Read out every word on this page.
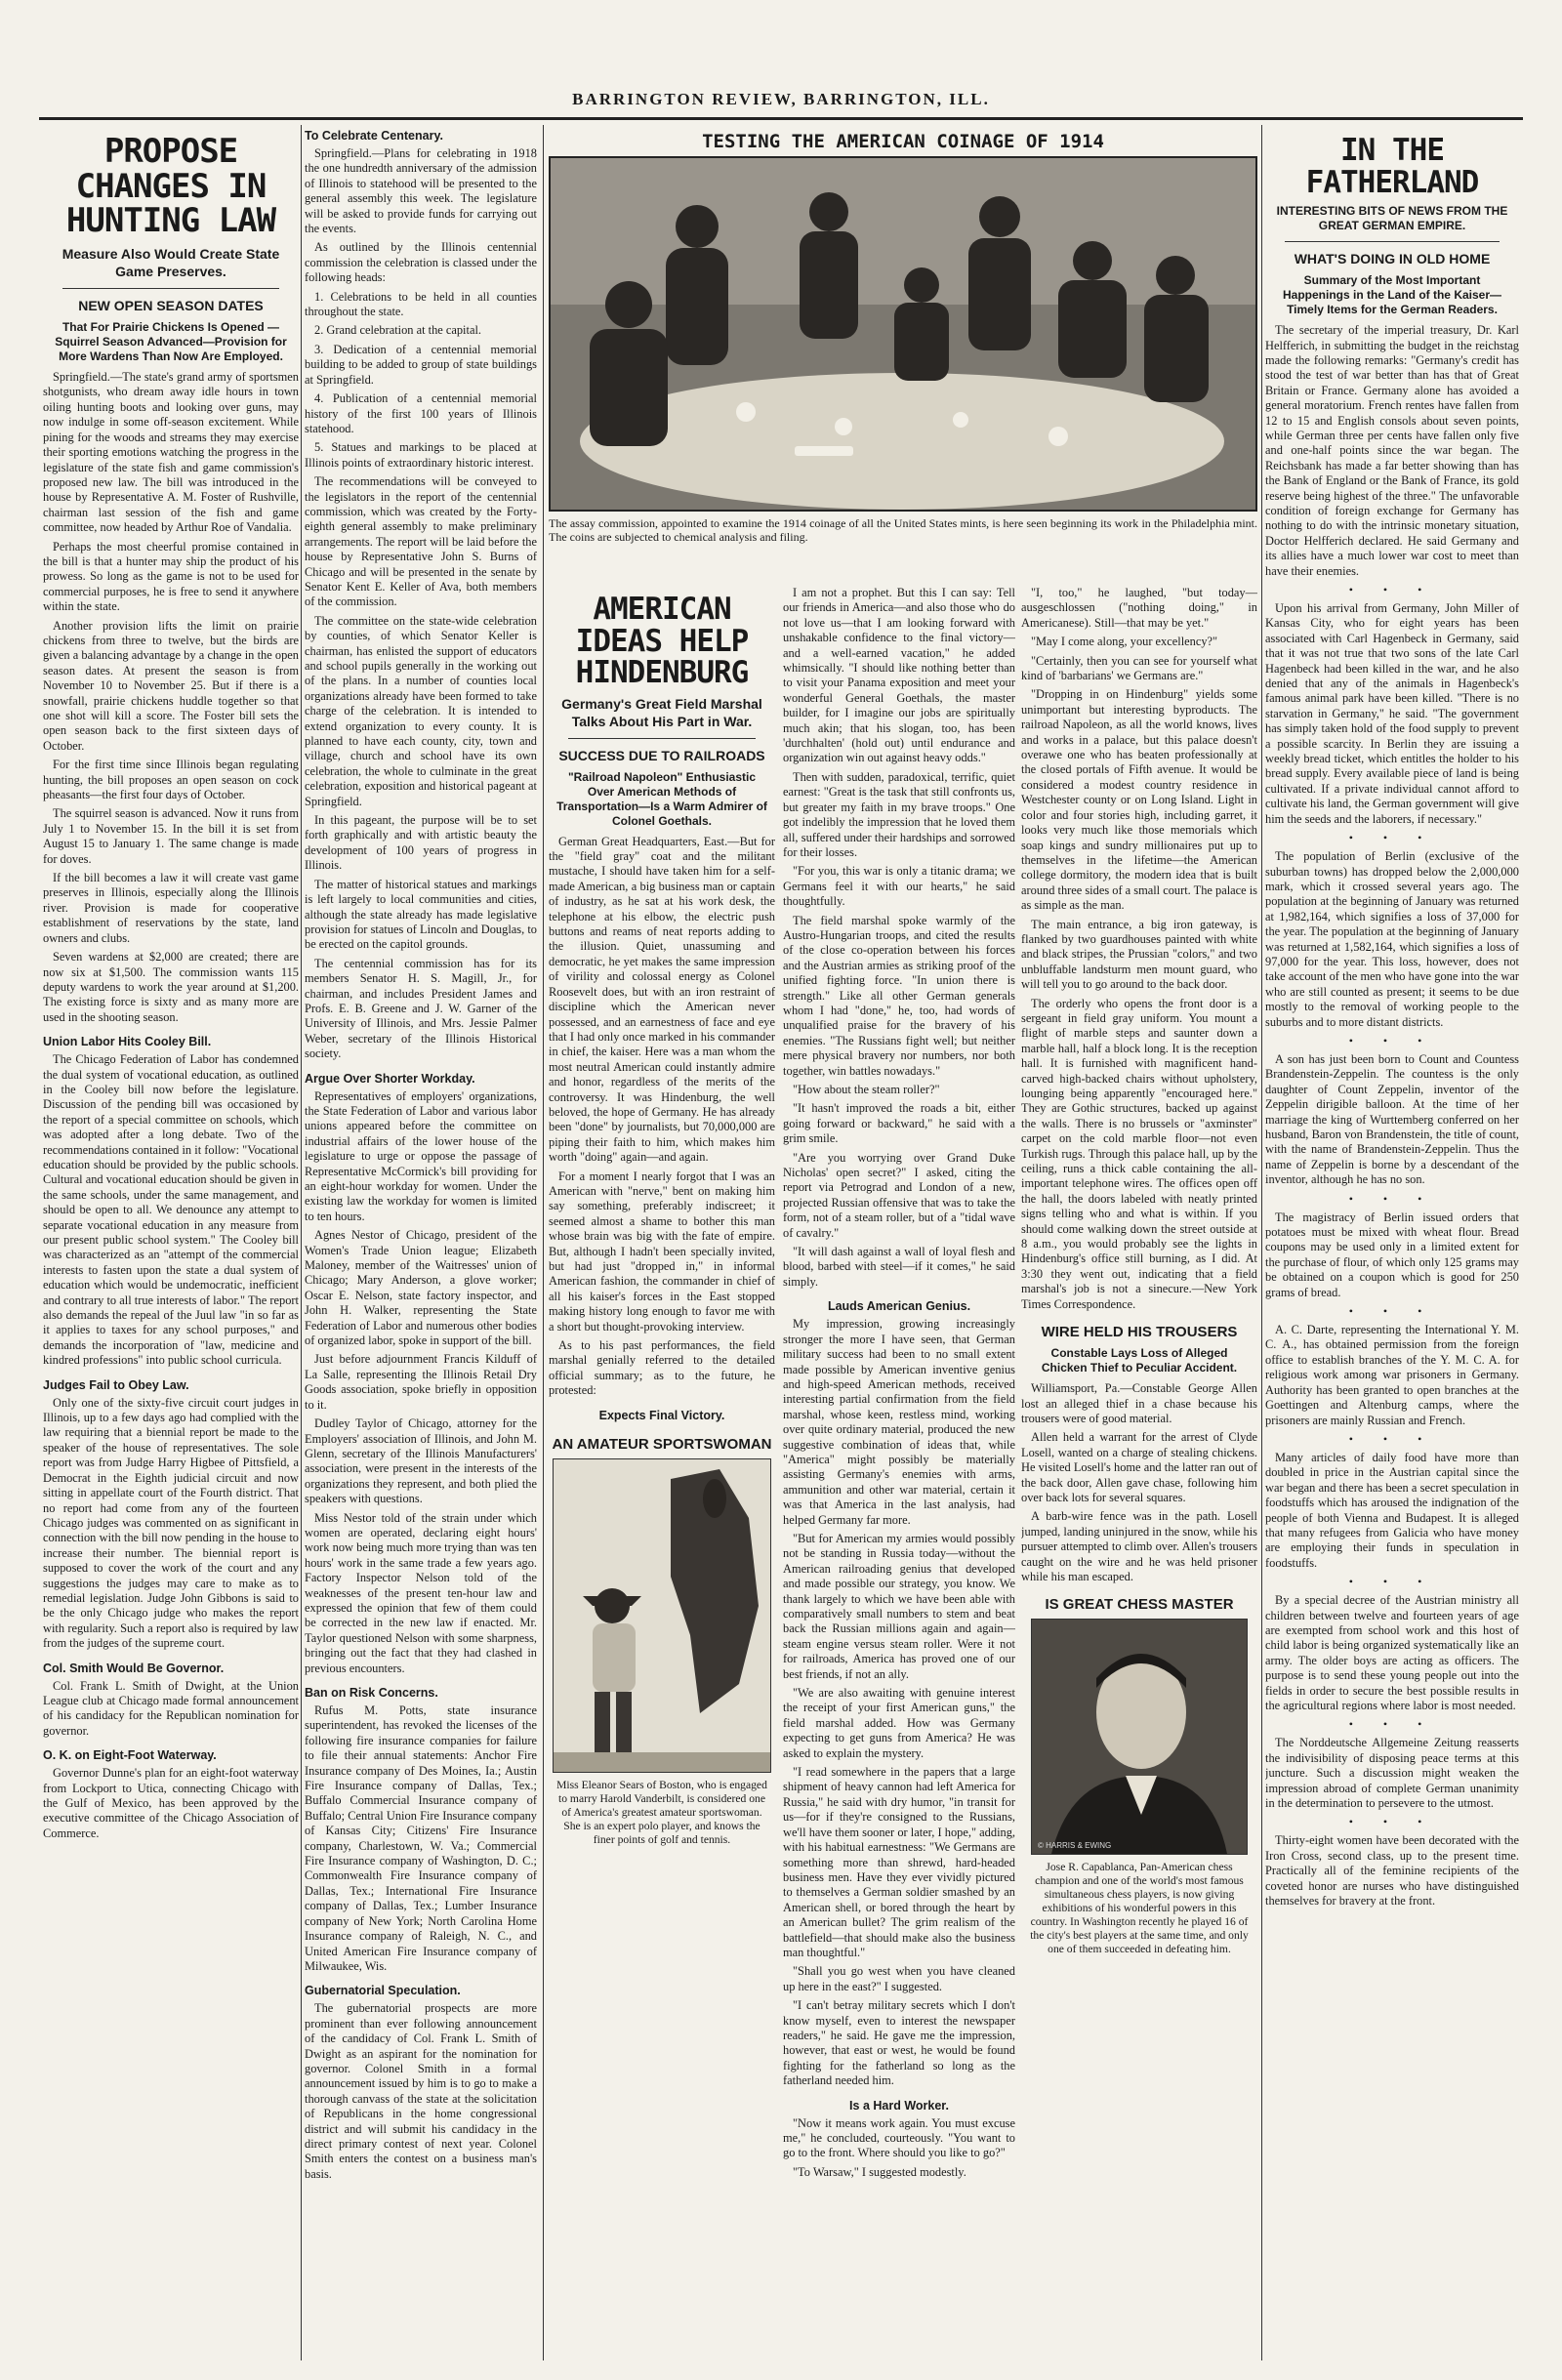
BARRINGTON REVIEW, BARRINGTON, ILL.
PROPOSE CHANGES IN HUNTING LAW
Measure Also Would Create State Game Preserves.
NEW OPEN SEASON DATES
That For Prairie Chickens Is Opened —Squirrel Season Advanced—Provision for More Wardens Than Now Are Employed.

Springfield.—The state's grand army of sportsmen shotgunists, who dream away idle hours in town oiling hunting boots and looking over guns, may now indulge in some off-season excitement. While pining for the woods and streams they may exercise their sporting emotions watching the progress in the legislature of the state fish and game commission's proposed new law. The bill was introduced in the house by Representative A. M. Foster of Rushville, chairman last session of the fish and game committee, now headed by Arthur Roe of Vandalia.

Perhaps the most cheerful promise contained in the bill is that a hunter may ship the product of his prowess. So long as the game is not to be used for commercial purposes, he is free to send it anywhere within the state.

Another provision lifts the limit on prairie chickens from three to twelve, but the birds are given a balancing advantage by a change in the open season dates. At present the season is from November 10 to November 25. But if there is a snowfall, prairie chickens huddle together so that one shot will kill a score. The Foster bill sets the open season back to the first sixteen days of October.

For the first time since Illinois began regulating hunting, the bill proposes an open season on cock pheasants—the first four days of October.

The squirrel season is advanced. Now it runs from July 1 to November 15. In the bill it is set from August 15 to January 1. The same change is made for doves.

If the bill becomes a law it will create vast game preserves in Illinois, especially along the Illinois river. Provision is made for cooperative establishment of reservations by the state, land owners and clubs.

Seven wardens at $2,000 are created; there are now six at $1,500. The commission wants 115 deputy wardens to work the year around at $1,200. The existing force is sixty and as many more are used in the shooting season.

Union Labor Hits Cooley Bill.

The Chicago Federation of Labor has condemned the dual system of vocational education, as outlined in the Cooley bill now before the legislature. Discussion of the pending bill was occasioned by the report of a special committee on schools, which was adopted after a long debate. Two of the recommendations contained in it follow: "Vocational education should be provided by the public schools. Cultural and vocational education should be given in the same schools, under the same management, and should be open to all. We denounce any attempt to separate vocational education in any measure from our present public school system." The Cooley bill was characterized as an "attempt of the commercial interests to fasten upon the state a dual system of education which would be undemocratic, inefficient and contrary to all true interests of labor." The report also demands the repeal of the Juul law "in so far as it applies to taxes for any school purposes," and demands the incorporation of "law, medicine and kindred professions" into public school curricula.

Judges Fail to Obey Law.

Only one of the sixty-five circuit court judges in Illinois, up to a few days ago had complied with the law requiring that a biennial report be made to the speaker of the house of representatives. The sole report was from Judge Harry Higbee of Pittsfield, a Democrat in the Eighth judicial circuit and now sitting in appellate court of the Fourth district. That no report had come from any of the fourteen Chicago judges was commented on as significant in connection with the bill now pending in the house to increase their number. The biennial report is supposed to cover the work of the court and any suggestions the judges may care to make as to remedial legislation. Judge John Gibbons is said to be the only Chicago judge who makes the report with regularity. Such a report also is required by law from the judges of the supreme court.

Col. Smith Would Be Governor.

Col. Frank L. Smith of Dwight, at the Union League club at Chicago made formal announcement of his candidacy for the Republican nomination for governor.

O. K. on Eight-Foot Waterway.

Governor Dunne's plan for an eight-foot waterway from Lockport to Utica, connecting Chicago with the Gulf of Mexico, has been approved by the executive committee of the Chicago Association of Commerce.

To Celebrate Centenary.

Springfield.—Plans for celebrating in 1918 the one hundredth anniversary of the admission of Illinois to statehood will be presented to the general assembly this week. The legislature will be asked to provide funds for carrying out the events.

As outlined by the Illinois centennial commission the celebration is classed under the following heads:

1. Celebrations to be held in all counties throughout the state.

2. Grand celebration at the capital.

3. Dedication of a centennial memorial building to be added to group of state buildings at Springfield.

4. Publication of a centennial memorial history of the first 100 years of Illinois statehood.

5. Statues and markings to be placed at Illinois points of extraordinary historic interest.

The recommendations will be conveyed to the legislators in the report of the centennial commission, which was created by the Forty-eighth general assembly to make preliminary arrangements. The report will be laid before the house by Representative John S. Burns of Chicago and will be presented in the senate by Senator Kent E. Keller of Ava, both members of the commission.

The committee on the state-wide celebration by counties, of which Senator Keller is chairman, has enlisted the support of educators and school pupils generally in the working out of the plans. In a number of counties local organizations already have been formed to take charge of the celebration. It is intended to extend organization to every county. It is planned to have each county, city, town and village, church and school have its own celebration, the whole to culminate in the great celebration, exposition and historical pageant at Springfield.

In this pageant, the purpose will be to set forth graphically and with artistic beauty the development of 100 years of progress in Illinois.

The matter of historical statues and markings is left largely to local communities and cities, although the state already has made legislative provision for statues of Lincoln and Douglas, to be erected on the capitol grounds.

The centennial commission has for its members Senator H. S. Magill, Jr., for chairman, and includes President James and Profs. E. B. Greene and J. W. Garner of the University of Illinois, and Mrs. Jessie Palmer Weber, secretary of the Illinois Historical society.

Argue Over Shorter Workday.

Representatives of employers' organizations, the State Federation of Labor and various labor unions appeared before the committee on industrial affairs of the lower house of the legislature to urge or oppose the passage of Representative McCormick's bill providing for an eight-hour workday for women. Under the existing law the workday for women is limited to ten hours.

Agnes Nestor of Chicago, president of the Women's Trade Union league; Elizabeth Maloney, member of the Waitresses' union of Chicago; Mary Anderson, a glove worker; Oscar E. Nelson, state factory inspector, and John H. Walker, representing the State Federation of Labor and numerous other bodies of organized labor, spoke in support of the bill.

Just before adjournment Francis Kilduff of La Salle, representing the Illinois Retail Dry Goods association, spoke briefly in opposition to it.

Dudley Taylor of Chicago, attorney for the Employers' association of Illinois, and John M. Glenn, secretary of the Illinois Manufacturers' association, were present in the interests of the organizations they represent, and both plied the speakers with questions.

Miss Nestor told of the strain under which women are operated, declaring eight hours' work now being much more trying than was ten hours' work in the same trade a few years ago. Factory Inspector Nelson told of the weaknesses of the present ten-hour law and expressed the opinion that few of them could be corrected in the new law if enacted. Mr. Taylor questioned Nelson with some sharpness, bringing out the fact that they had clashed in previous encounters.

Ban on Risk Concerns.

Rufus M. Potts, state insurance superintendent, has revoked the licenses of the following fire insurance companies for failure to file their annual statements: Anchor Fire Insurance company of Des Moines, Ia.; Austin Fire Insurance company of Dallas, Tex.; Buffalo Commercial Insurance company of Buffalo; Central Union Fire Insurance company of Kansas City; Citizens' Fire Insurance company, Charlestown, W. Va.; Commercial Fire Insurance company of Washington, D. C.; Commonwealth Fire Insurance company of Dallas, Tex.; International Fire Insurance company of Dallas, Tex.; Lumber Insurance company of New York; North Carolina Home Insurance company of Raleigh, N. C., and United American Fire Insurance company of Milwaukee, Wis.

Gubernatorial Speculation.

The gubernatorial prospects are more prominent than ever following announcement of the candidacy of Col. Frank L. Smith of Dwight as an aspirant for the nomination for governor. Colonel Smith in a formal announcement issued by him is to go to make a thorough canvass of the state at the solicitation of Republicans in the home congressional district and will submit his candidacy in the direct primary contest of next year. Colonel Smith enters the contest on a business man's basis.

TESTING THE AMERICAN COINAGE OF 1914
The assay commission, appointed to examine the 1914 coinage of all the United States mints, is here seen beginning its work in the Philadelphia mint. The coins are subjected to chemical analysis and filing.
AMERICAN IDEAS HELP HINDENBURG
Germany's Great Field Marshal Talks About His Part in War.
SUCCESS DUE TO RAILROADS
"Railroad Napoleon" Enthusiastic Over American Methods of Transportation—Is a Warm Admirer of Colonel Goethals.

German Great Headquarters, East.—But for the "field gray" coat and the militant mustache, I should have taken him for a self-made American, a big business man or captain of industry, as he sat at his work desk, the telephone at his elbow, the electric push buttons and reams of neat reports adding to the illusion. Quiet, unassuming and democratic, he yet makes the same impression of virility and colossal energy as Colonel Roosevelt does, but with an iron restraint of discipline which the American never possessed, and an earnestness of face and eye that I had only once marked in his commander in chief, the kaiser. Here was a man whom the most neutral American could instantly admire and honor, regardless of the merits of the controversy. It was Hindenburg, the well beloved, the hope of Germany. He has already been "done" by journalists, but 70,000,000 are piping their faith to him, which makes him worth "doing" again—and again.

For a moment I nearly forgot that I was an American with "nerve," bent on making him say something, preferably indiscreet; it seemed almost a shame to bother this man whose brain was big with the fate of empire. But, although I hadn't been specially invited, but had just "dropped in," in informal American fashion, the commander in chief of all his kaiser's forces in the East stopped making history long enough to favor me with a short but thought-provoking interview.

As to his past performances, the field marshal genially referred to the detailed official summary; as to the future, he protested:

Expects Final Victory.
AN AMATEUR SPORTSWOMAN
Miss Eleanor Sears of Boston, who is engaged to marry Harold Vanderbilt, is considered one of America's greatest amateur sportswoman. She is an expert polo player, and knows the finer points of golf and tennis.

I am not a prophet. But this I can say: Tell our friends in America—and also those who do not love us—that I am looking forward with unshakable confidence to the final victory—and a well-earned vacation," he added whimsically. "I should like nothing better than to visit your Panama exposition and meet your wonderful General Goethals, the master builder, for I imagine our jobs are spiritually much akin; that his slogan, too, has been 'durchhalten' (hold out) until endurance and organization win out against heavy odds."

Then with sudden, paradoxical, terrific, quiet earnest: "Great is the task that still confronts us, but greater my faith in my brave troops." One got indelibly the impression that he loved them all, suffered under their hardships and sorrowed for their losses.

"For you, this war is only a titanic drama; we Germans feel it with our hearts," he said thoughtfully.

The field marshal spoke warmly of the Austro-Hungarian troops, and cited the results of the close co-operation between his forces and the Austrian armies as striking proof of the unified fighting force. "In union there is strength." Like all other German generals whom I had "done," he, too, had words of unqualified praise for the bravery of his enemies. "The Russians fight well; but neither mere physical bravery nor numbers, nor both together, win battles nowadays."

"How about the steam roller?"

"It hasn't improved the roads a bit, either going forward or backward," he said with a grim smile.

"Are you worrying over Grand Duke Nicholas' open secret?" I asked, citing the report via Petrograd and London of a new, projected Russian offensive that was to take the form, not of a steam roller, but of a "tidal wave of cavalry."

"It will dash against a wall of loyal flesh and blood, barbed with steel—if it comes," he said simply.

Lauds American Genius.

My impression, growing increasingly stronger the more I have seen, that German military success had been to no small extent made possible by American inventive genius and high-speed American methods, received interesting partial confirmation from the field marshal, whose keen, restless mind, working over quite ordinary material, produced the new suggestive combination of ideas that, while "America" might possibly be materially assisting Germany's enemies with arms, ammunition and other war material, certain it was that America in the last analysis, had helped Germany far more.

"But for American my armies would possibly not be standing in Russia today—without the American railroading genius that developed and made possible our strategy, you know. We thank largely to which we have been able with comparatively small numbers to stem and beat back the Russian millions again and again—steam engine versus steam roller. Were it not for railroads, America has proved one of our best friends, if not an ally.

"We are also awaiting with genuine interest the receipt of your first American guns," the field marshal added. How was Germany expecting to get guns from America? He was asked to explain the mystery.

"I read somewhere in the papers that a large shipment of heavy cannon had left America for Russia," he said with dry humor, "in transit for us—for if they're consigned to the Russians, we'll have them sooner or later, I hope," adding, with his habitual earnestness: "We Germans are something more than shrewd, hard-headed business men. Have they ever vividly pictured to themselves a German soldier smashed by an American shell, or bored through the heart by an American bullet? The grim realism of the battlefield—that should make also the business man thoughtful."

"Shall you go west when you have cleaned up here in the east?" I suggested.

"I can't betray military secrets which I don't know myself, even to interest the newspaper readers," he said. He gave me the impression, however, that east or west, he would be found fighting for the fatherland so long as the fatherland needed him.

Is a Hard Worker.

"Now it means work again. You must excuse me," he concluded, courteously. "You want to go to the front. Where should you like to go?"

"To Warsaw," I suggested modestly.

"I, too," he laughed, "but today—ausgeschlossen ("nothing doing," in Americanese). Still—that may be yet."

"May I come along, your excellency?"

"Certainly, then you can see for yourself what kind of 'barbarians' we Germans are."

"Dropping in on Hindenburg" yields some unimportant but interesting byproducts. The railroad Napoleon, as all the world knows, lives and works in a palace, but this palace doesn't overawe one who has beaten professionally at the closed portals of Fifth avenue. It would be considered a modest country residence in Westchester county or on Long Island. Light in color and four stories high, including garret, it looks very much like those memorials which soap kings and sundry millionaires put up to themselves in the lifetime—the American college dormitory, the modern idea that is built around three sides of a small court. The palace is as simple as the man.

The main entrance, a big iron gateway, is flanked by two guardhouses painted with white and black stripes, the Prussian "colors," and two unbluffable landsturm men mount guard, who will tell you to go around to the back door.

The orderly who opens the front door is a sergeant in field gray uniform. You mount a flight of marble steps and saunter down a marble hall, half a block long. It is the reception hall. It is furnished with magnificent hand-carved high-backed chairs without upholstery, lounging being apparently "encouraged here." They are Gothic structures, backed up against the walls. There is no brussels or "axminster" carpet on the cold marble floor—not even Turkish rugs. Through this palace hall, up by the ceiling, runs a thick cable containing the all-important telephone wires. The offices open off the hall, the doors labeled with neatly printed signs telling who and what is within. If you should come walking down the street outside at 8 a.m., you would probably see the lights in Hindenburg's office still burning, as I did. At 3:30 they went out, indicating that a field marshal's job is not a sinecure.—New York Times Correspondence.

WIRE HELD HIS TROUSERS
Constable Lays Loss of Alleged Chicken Thief to Peculiar Accident.

Williamsport, Pa.—Constable George Allen lost an alleged thief in a chase because his trousers were of good material.

Allen held a warrant for the arrest of Clyde Losell, wanted on a charge of stealing chickens. He visited Losell's home and the latter ran out of the back door, Allen gave chase, following him over back lots for several squares.

A barb-wire fence was in the path. Losell jumped, landing uninjured in the snow, while his pursuer attempted to climb over. Allen's trousers caught on the wire and he was held prisoner while his man escaped.

IS GREAT CHESS MASTER
© HARRIS & EWING
Jose R. Capablanca, Pan-American chess champion and one of the world's most famous simultaneous chess players, is now giving exhibitions of his wonderful powers in this country. In Washington recently he played 16 of the city's best players at the same time, and only one of them succeeded in defeating him.
IN THE FATHERLAND
INTERESTING BITS OF NEWS FROM THE GREAT GERMAN EMPIRE.
WHAT'S DOING IN OLD HOME
Summary of the Most Important Happenings in the Land of the Kaiser—Timely Items for the German Readers.

The secretary of the imperial treasury, Dr. Karl Helfferich, in submitting the budget in the reichstag made the following remarks: "Germany's credit has stood the test of war better than has that of Great Britain or France. Germany alone has avoided a general moratorium. French rentes have fallen from 12 to 15 and English consols about seven points, while German three per cents have fallen only five and one-half points since the war began. The Reichsbank has made a far better showing than has the Bank of England or the Bank of France, its gold reserve being highest of the three." The unfavorable condition of foreign exchange for Germany has nothing to do with the intrinsic monetary situation, Doctor Helfferich declared. He said Germany and its allies have a much lower war cost to meet than have their enemies.

• • •

Upon his arrival from Germany, John Miller of Kansas City, who for eight years has been associated with Carl Hagenbeck in Germany, said that it was not true that two sons of the late Carl Hagenbeck had been killed in the war, and he also denied that any of the animals in Hagenbeck's famous animal park have been killed. "There is no starvation in Germany," he said. "The government has simply taken hold of the food supply to prevent a possible scarcity. In Berlin they are issuing a weekly bread ticket, which entitles the holder to his bread supply. Every available piece of land is being cultivated. If a private individual cannot afford to cultivate his land, the German government will give him the seeds and the laborers, if necessary."

• • •

The population of Berlin (exclusive of the suburban towns) has dropped below the 2,000,000 mark, which it crossed several years ago. The population at the beginning of January was returned at 1,982,164, which signifies a loss of 37,000 for the year. The population at the beginning of January was returned at 1,582,164, which signifies a loss of 97,000 for the year. This loss, however, does not take account of the men who have gone into the war who are still counted as present; it seems to be due mostly to the removal of working people to the suburbs and to more distant districts.

• • •

A son has just been born to Count and Countess Brandenstein-Zeppelin. The countess is the only daughter of Count Zeppelin, inventor of the Zeppelin dirigible balloon. At the time of her marriage the king of Wurttemberg conferred on her husband, Baron von Brandenstein, the title of count, with the name of Brandenstein-Zeppelin. Thus the name of Zeppelin is borne by a descendant of the inventor, although he has no son.

• • •

The magistracy of Berlin issued orders that potatoes must be mixed with wheat flour. Bread coupons may be used only in a limited extent for the purchase of flour, of which only 125 grams may be obtained on a coupon which is good for 250 grams of bread.

• • •

A. C. Darte, representing the International Y. M. C. A., has obtained permission from the foreign office to establish branches of the Y. M. C. A. for religious work among war prisoners in Germany. Authority has been granted to open branches at the Goettingen and Altenburg camps, where the prisoners are mainly Russian and French.

• • •

Many articles of daily food have more than doubled in price in the Austrian capital since the war began and there has been a secret speculation in foodstuffs which has aroused the indignation of the people of both Vienna and Budapest. It is alleged that many refugees from Galicia who have money are employing their funds in speculation in foodstuffs.

• • •

By a special decree of the Austrian ministry all children between twelve and fourteen years of age are exempted from school work and this host of child labor is being organized systematically like an army. The older boys are acting as officers. The purpose is to send these young people out into the fields in order to secure the best possible results in the agricultural regions where labor is most needed.

• • •

The Norddeutsche Allgemeine Zeitung reasserts the indivisibility of disposing peace terms at this juncture. Such a discussion might weaken the impression abroad of complete German unanimity in the determination to persevere to the utmost.

• • •

Thirty-eight women have been decorated with the Iron Cross, second class, up to the present time. Practically all of the feminine recipients of the coveted honor are nurses who have distinguished themselves for bravery at the front.
